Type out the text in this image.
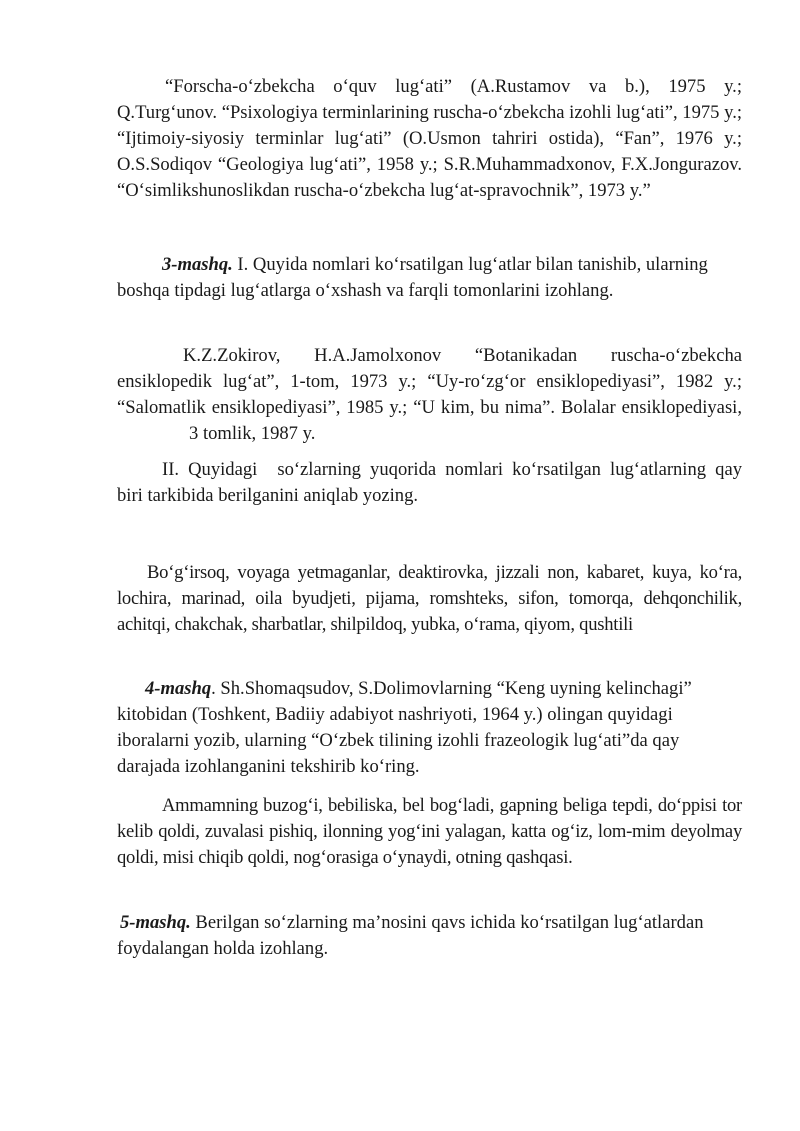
“Forscha-o‘zbekcha o‘quv lug‘ati” (A.Rustamov va b.), 1975 y.; Q.Turg‘unov. “Psixologiya terminlarining ruscha-o‘zbekcha izohli lug‘ati”, 1975 y.; “Ijtimoiy-siyosiy terminlar lug‘ati” (O.Usmon tahriri ostida), “Fan”, 1976 y.; O.S.Sodiqov “Geologiya lug‘ati”, 1958 y.; S.R.Muhammadxonov, F.X.Jongurazov. “O‘simlikshunoslikdan ruscha-o‘zbekcha lug‘at-spravochnik”, 1973 y.”

3-mashq. I. Quyida nomlari ko‘rsatilgan lug‘atlar bilan tanishib, ularning boshqa tipdagi lug‘atlarga o‘xshash va farqli tomonlarini izohlang.

K.Z.Zokirov, H.A.Jamolxonov “Botanikadan ruscha-o‘zbekcha ensiklopedik lug‘at”, 1-tom, 1973 y.; “Uy-ro‘zg‘or ensiklopediyasi”, 1982 y.; “Salomatlik ensiklopediyasi”, 1985 y.; “U kim, bu nima”. Bolalar ensiklopediyasi,3 tomlik, 1987 y.

II. Quyidagi so‘zlarning yuqorida nomlari ko‘rsatilgan lug‘atlarning qay biri tarkibida berilganini aniqlab yozing.

Bo‘g‘irsoq, voyaga yetmaganlar, deaktirovka, jizzali non, kabaret, kuya, ko‘ra, lochira, marinad, oila byudjeti, pijama, romshteks, sifon, tomorqa, dehqonchilik, achitqi, chakchak, sharbatlar, shilpildoq, yubka, o‘rama, qiyom, qushtili

4-mashq. Sh.Shomaqsudov, S.Dolimovlarning “Keng uyning kelinchagi” kitobidan (Toshkent, Badiiy adabiyot nashriyoti, 1964 y.) olingan quyidagi iboralarni yozib, ularning “O‘zbek tilining izohli frazeologik lug‘ati”da qay darajada izohlanganini tekshirib ko‘ring.

Ammamning buzog‘i, bebiliska, bel bog‘ladi, gapning beliga tepdi, do‘ppisi tor kelib qoldi, zuvalasi pishiq, ilonning yog‘ini yalagan, katta og‘iz, lom-mim deyolmay qoldi, misi chiqib qoldi, nog‘orasiga o‘ynaydi, otning qashqasi.

5-mashq. Berilgan so‘zlarning ma’nosini qavs ichida ko‘rsatilgan lug‘atlardan foydalangan holda izohlang.
